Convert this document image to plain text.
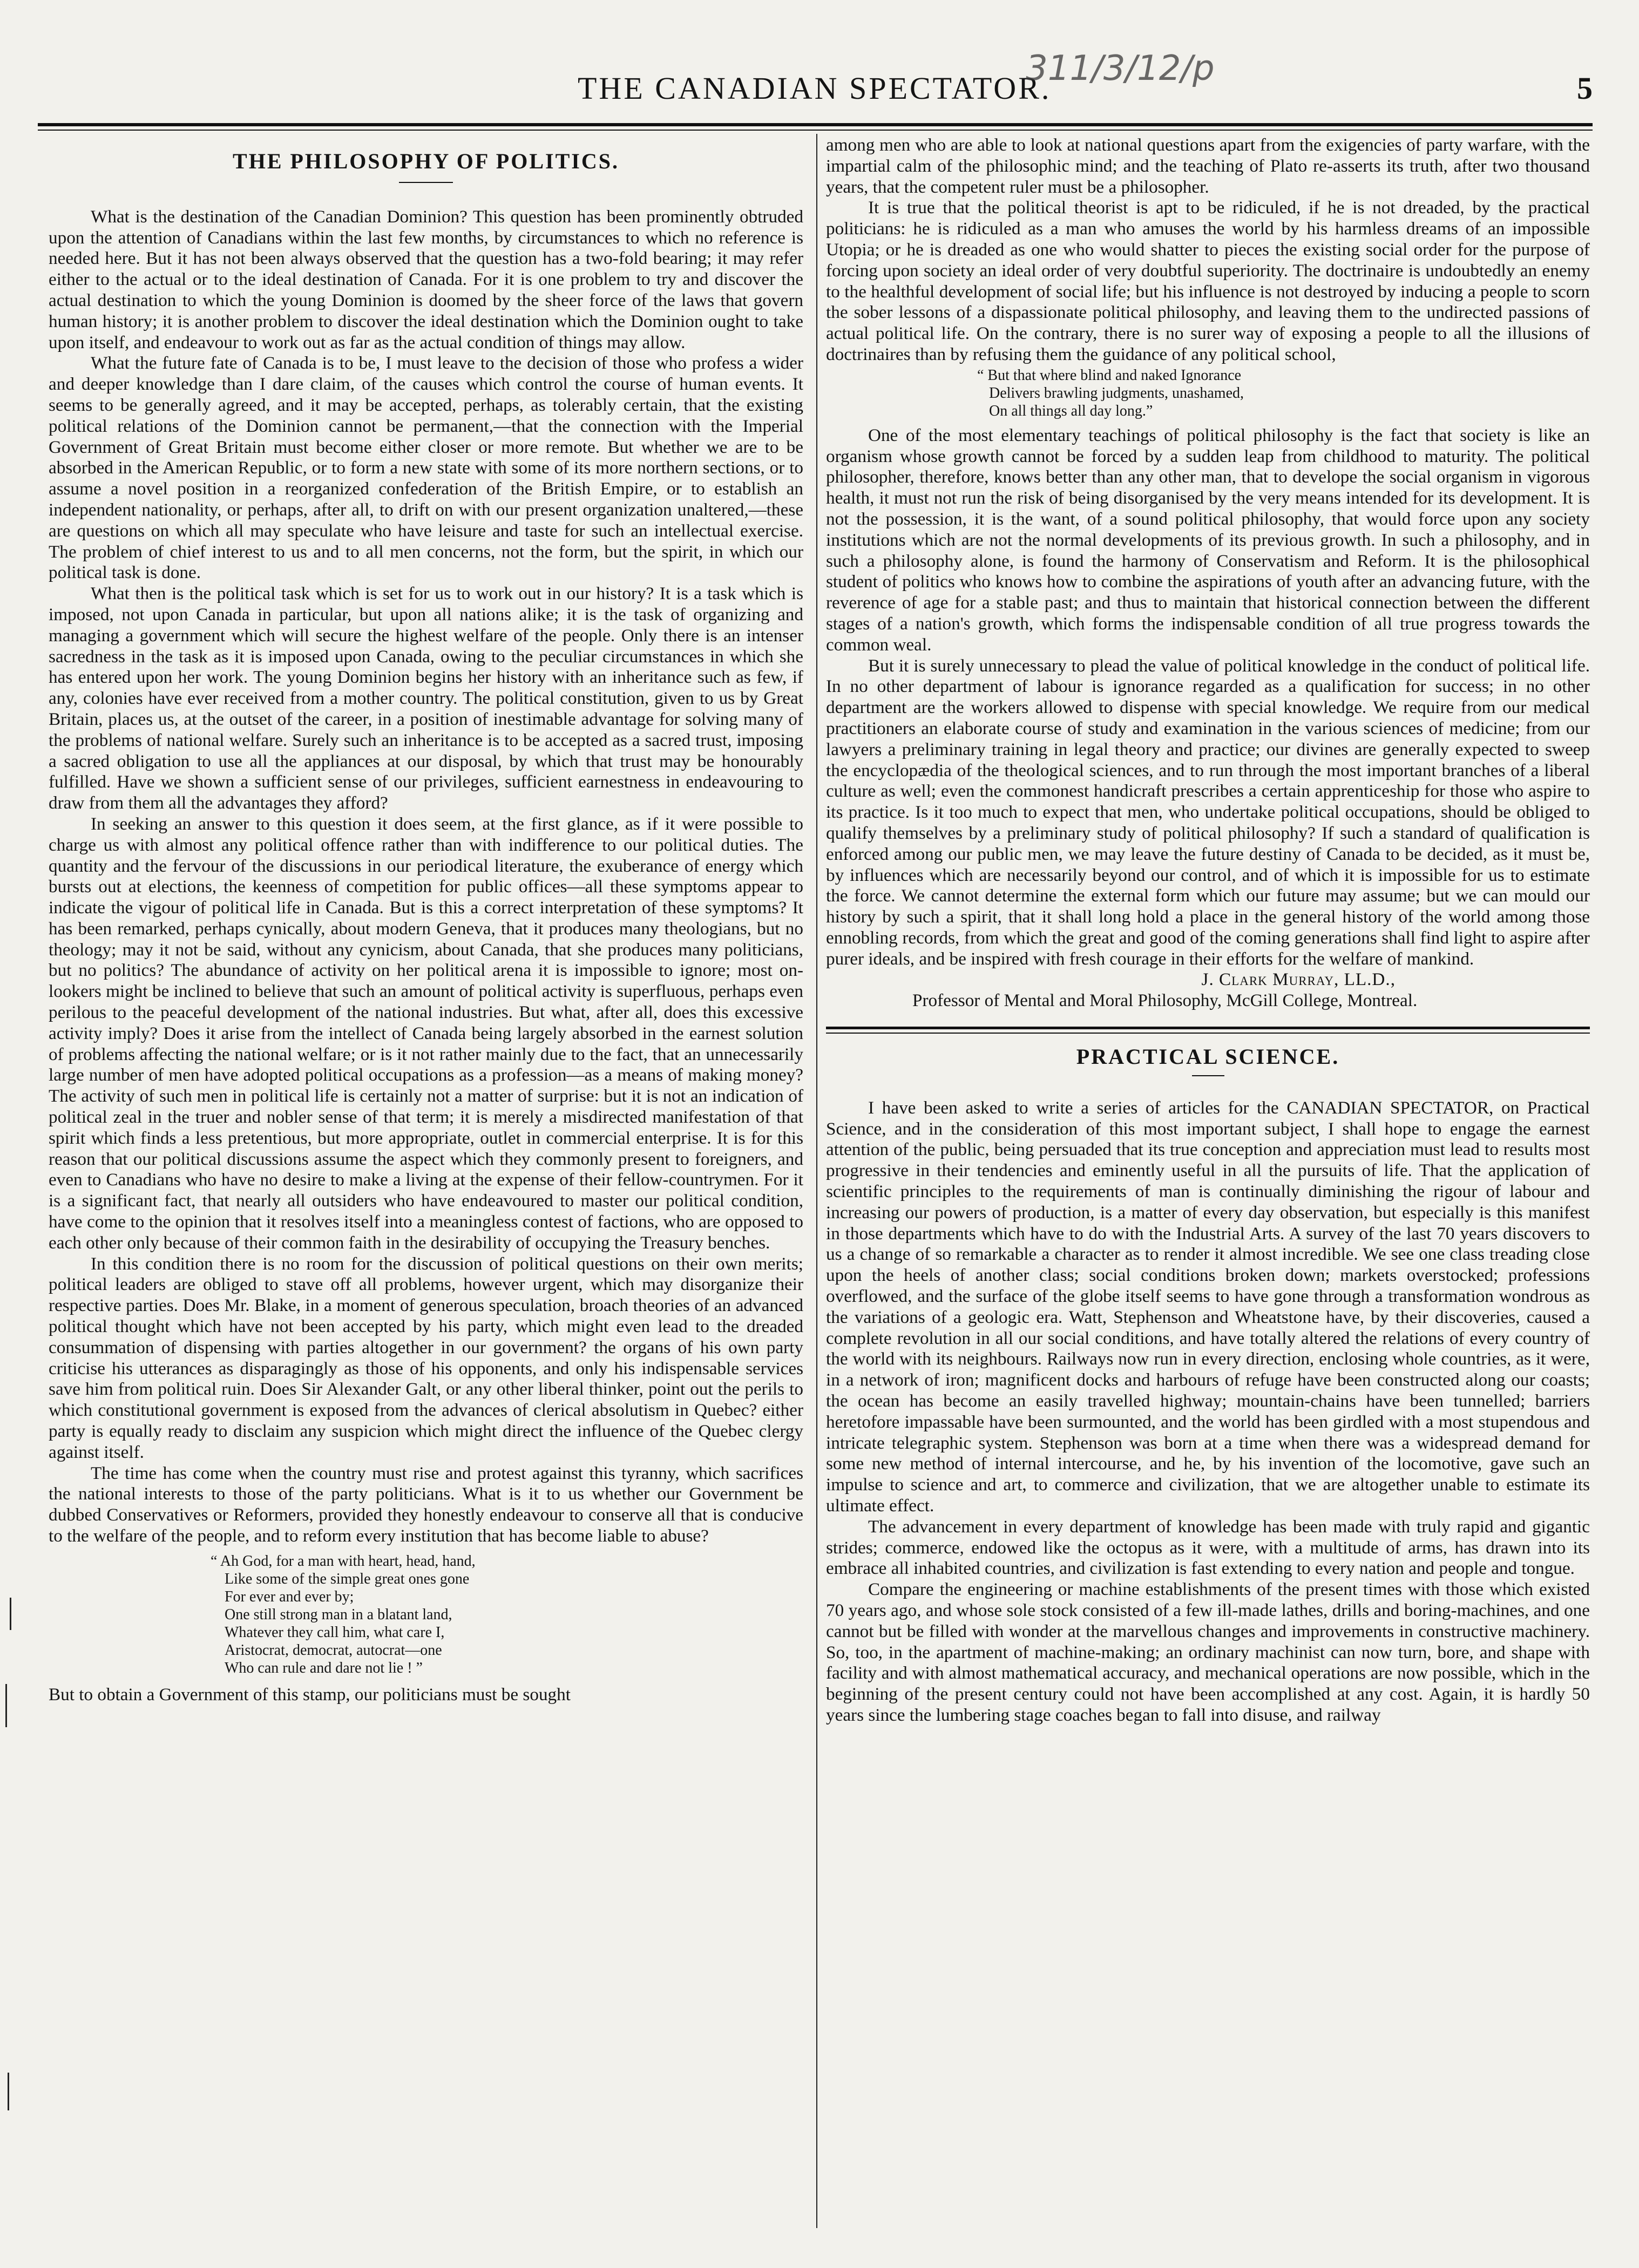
THE CANADIAN SPECTATOR.
311/3/12/p	5
THE PHILOSOPHY OF POLITICS.

What is the destination of the Canadian Dominion? This question has been prominently obtruded upon the attention of Canadians within the last few months, by circumstances to which no reference is needed here. But it has not been always observed that the question has a two-fold bearing; it may refer either to the actual or to the ideal destination of Canada. For it is one problem to try and discover the actual destination to which the young Dominion is doomed by the sheer force of the laws that govern human history; it is another problem to discover the ideal destination which the Dominion ought to take upon itself, and endeavour to work out as far as the actual condition of things may allow.

What the future fate of Canada is to be, I must leave to the decision of those who profess a wider and deeper knowledge than I dare claim, of the causes which control the course of human events. It seems to be generally agreed, and it may be accepted, perhaps, as tolerably certain, that the existing political relations of the Dominion cannot be permanent,—that the connection with the Imperial Government of Great Britain must become either closer or more remote. But whether we are to be absorbed in the American Republic, or to form a new state with some of its more northern sections, or to assume a novel position in a reorganized confederation of the British Empire, or to establish an independent nationality, or perhaps, after all, to drift on with our present organization unaltered,—these are questions on which all may speculate who have leisure and taste for such an intellectual exercise. The problem of chief interest to us and to all men concerns, not the form, but the spirit, in which our political task is done.

What then is the political task which is set for us to work out in our history? It is a task which is imposed, not upon Canada in particular, but upon all nations alike; it is the task of organizing and managing a government which will secure the highest welfare of the people. Only there is an intenser sacredness in the task as it is imposed upon Canada, owing to the peculiar circumstances in which she has entered upon her work. The young Dominion begins her history with an inheritance such as few, if any, colonies have ever received from a mother country. The political constitution, given to us by Great Britain, places us, at the outset of the career, in a position of inestimable advantage for solving many of the problems of national welfare. Surely such an inheritance is to be accepted as a sacred trust, imposing a sacred obligation to use all the appliances at our disposal, by which that trust may be honourably fulfilled. Have we shown a sufficient sense of our privileges, sufficient earnestness in endeavouring to draw from them all the advantages they afford?

In seeking an answer to this question it does seem, at the first glance, as if it were possible to charge us with almost any political offence rather than with indifference to our political duties. The quantity and the fervour of the discussions in our periodical literature, the exuberance of energy which bursts out at elections, the keenness of competition for public offices—all these symptoms appear to indicate the vigour of political life in Canada. But is this a correct interpretation of these symptoms? It has been remarked, perhaps cynically, about modern Geneva, that it produces many theologians, but no theology; may it not be said, without any cynicism, about Canada, that she produces many politicians, but no politics? The abundance of activity on her political arena it is impossible to ignore; most on-lookers might be inclined to believe that such an amount of political activity is superfluous, perhaps even perilous to the peaceful development of the national industries. But what, after all, does this excessive activity imply? Does it arise from the intellect of Canada being largely absorbed in the earnest solution of problems affecting the national welfare; or is it not rather mainly due to the fact, that an unnecessarily large number of men have adopted political occupations as a profession—as a means of making money? The activity of such men in political life is certainly not a matter of surprise: but it is not an indication of political zeal in the truer and nobler sense of that term; it is merely a misdirected manifestation of that spirit which finds a less pretentious, but more appropriate, outlet in commercial enterprise. It is for this reason that our political discussions assume the aspect which they commonly present to foreigners, and even to Canadians who have no desire to make a living at the expense of their fellow-countrymen. For it is a significant fact, that nearly all outsiders who have endeavoured to master our political condition, have come to the opinion that it resolves itself into a meaningless contest of factions, who are opposed to each other only because of their common faith in the desirability of occupying the Treasury benches.

In this condition there is no room for the discussion of political questions on their own merits; political leaders are obliged to stave off all problems, however urgent, which may disorganize their respective parties. Does Mr. Blake, in a moment of generous speculation, broach theories of an advanced political thought which have not been accepted by his party, which might even lead to the dreaded consummation of dispensing with parties altogether in our government? the organs of his own party criticise his utterances as disparagingly as those of his opponents, and only his indispensable services save him from political ruin. Does Sir Alexander Galt, or any other liberal thinker, point out the perils to which constitutional government is exposed from the advances of clerical absolutism in Quebec? either party is equally ready to disclaim any suspicion which might direct the influence of the Quebec clergy against itself.

The time has come when the country must rise and protest against this tyranny, which sacrifices the national interests to those of the party politicians. What is it to us whether our Government be dubbed Conservatives or Reformers, provided they honestly endeavour to conserve all that is conducive to the welfare of the people, and to reform every institution that has become liable to abuse?

“ Ah God, for a man with heart, head, hand,
Like some of the simple great ones gone
For ever and ever by;
One still strong man in a blatant land,
Whatever they call him, what care I,
Aristocrat, democrat, autocrat—one
Who can rule and dare not lie ! ”

But to obtain a Government of this stamp, our politicians must be sought

among men who are able to look at national questions apart from the exigencies of party warfare, with the impartial calm of the philosophic mind; and the teaching of Plato re-asserts its truth, after two thousand years, that the competent ruler must be a philosopher.

It is true that the political theorist is apt to be ridiculed, if he is not dreaded, by the practical politicians: he is ridiculed as a man who amuses the world by his harmless dreams of an impossible Utopia; or he is dreaded as one who would shatter to pieces the existing social order for the purpose of forcing upon society an ideal order of very doubtful superiority. The doctrinaire is undoubtedly an enemy to the healthful development of social life; but his influence is not destroyed by inducing a people to scorn the sober lessons of a dispassionate political philosophy, and leaving them to the undirected passions of actual political life. On the contrary, there is no surer way of exposing a people to all the illusions of doctrinaires than by refusing them the guidance of any political school,

“ But that where blind and naked Ignorance
Delivers brawling judgments, unashamed,
On all things all day long.”

One of the most elementary teachings of political philosophy is the fact that society is like an organism whose growth cannot be forced by a sudden leap from childhood to maturity. The political philosopher, therefore, knows better than any other man, that to develope the social organism in vigorous health, it must not run the risk of being disorganised by the very means intended for its development. It is not the possession, it is the want, of a sound political philosophy, that would force upon any society institutions which are not the normal developments of its previous growth. In such a philosophy, and in such a philosophy alone, is found the harmony of Conservatism and Reform. It is the philosophical student of politics who knows how to combine the aspirations of youth after an advancing future, with the reverence of age for a stable past; and thus to maintain that historical connection between the different stages of a nation's growth, which forms the indispensable condition of all true progress towards the common weal.

But it is surely unnecessary to plead the value of political knowledge in the conduct of political life. In no other department of labour is ignorance regarded as a qualification for success; in no other department are the workers allowed to dispense with special knowledge. We require from our medical practitioners an elaborate course of study and examination in the various sciences of medicine; from our lawyers a preliminary training in legal theory and practice; our divines are generally expected to sweep the encyclopædia of the theological sciences, and to run through the most important branches of a liberal culture as well; even the commonest handicraft prescribes a certain apprenticeship for those who aspire to its practice. Is it too much to expect that men, who undertake political occupations, should be obliged to qualify themselves by a preliminary study of political philosophy? If such a standard of qualification is enforced among our public men, we may leave the future destiny of Canada to be decided, as it must be, by influences which are necessarily beyond our control, and of which it is impossible for us to estimate the force. We cannot determine the external form which our future may assume; but we can mould our history by such a spirit, that it shall long hold a place in the general history of the world among those ennobling records, from which the great and good of the coming generations shall find light to aspire after purer ideals, and be inspired with fresh courage in their efforts for the welfare of mankind.

J. Clark Murray, LL.D.,
Professor of Mental and Moral Philosophy, McGill College, Montreal.
PRACTICAL SCIENCE.

I have been asked to write a series of articles for the CANADIAN SPECTATOR, on Practical Science, and in the consideration of this most important subject, I shall hope to engage the earnest attention of the public, being persuaded that its true conception and appreciation must lead to results most progressive in their tendencies and eminently useful in all the pursuits of life. That the application of scientific principles to the requirements of man is continually diminishing the rigour of labour and increasing our powers of production, is a matter of every day observation, but especially is this manifest in those departments which have to do with the Industrial Arts. A survey of the last 70 years discovers to us a change of so remarkable a character as to render it almost incredible. We see one class treading close upon the heels of another class; social conditions broken down; markets overstocked; professions overflowed, and the surface of the globe itself seems to have gone through a transformation wondrous as the variations of a geologic era. Watt, Stephenson and Wheatstone have, by their discoveries, caused a complete revolution in all our social conditions, and have totally altered the relations of every country of the world with its neighbours. Railways now run in every direction, enclosing whole countries, as it were, in a network of iron; magnificent docks and harbours of refuge have been constructed along our coasts; the ocean has become an easily travelled highway; mountain-chains have been tunnelled; barriers heretofore impassable have been surmounted, and the world has been girdled with a most stupendous and intricate telegraphic system. Stephenson was born at a time when there was a widespread demand for some new method of internal intercourse, and he, by his invention of the locomotive, gave such an impulse to science and art, to commerce and civilization, that we are altogether unable to estimate its ultimate effect.

The advancement in every department of knowledge has been made with truly rapid and gigantic strides; commerce, endowed like the octopus as it were, with a multitude of arms, has drawn into its embrace all inhabited countries, and civilization is fast extending to every nation and people and tongue.

Compare the engineering or machine establishments of the present times with those which existed 70 years ago, and whose sole stock consisted of a few ill-made lathes, drills and boring-machines, and one cannot but be filled with wonder at the marvellous changes and improvements in constructive machinery. So, too, in the apartment of machine-making; an ordinary machinist can now turn, bore, and shape with facility and with almost mathematical accuracy, and mechanical operations are now possible, which in the beginning of the present century could not have been accomplished at any cost. Again, it is hardly 50 years since the lumbering stage coaches began to fall into disuse, and railway
